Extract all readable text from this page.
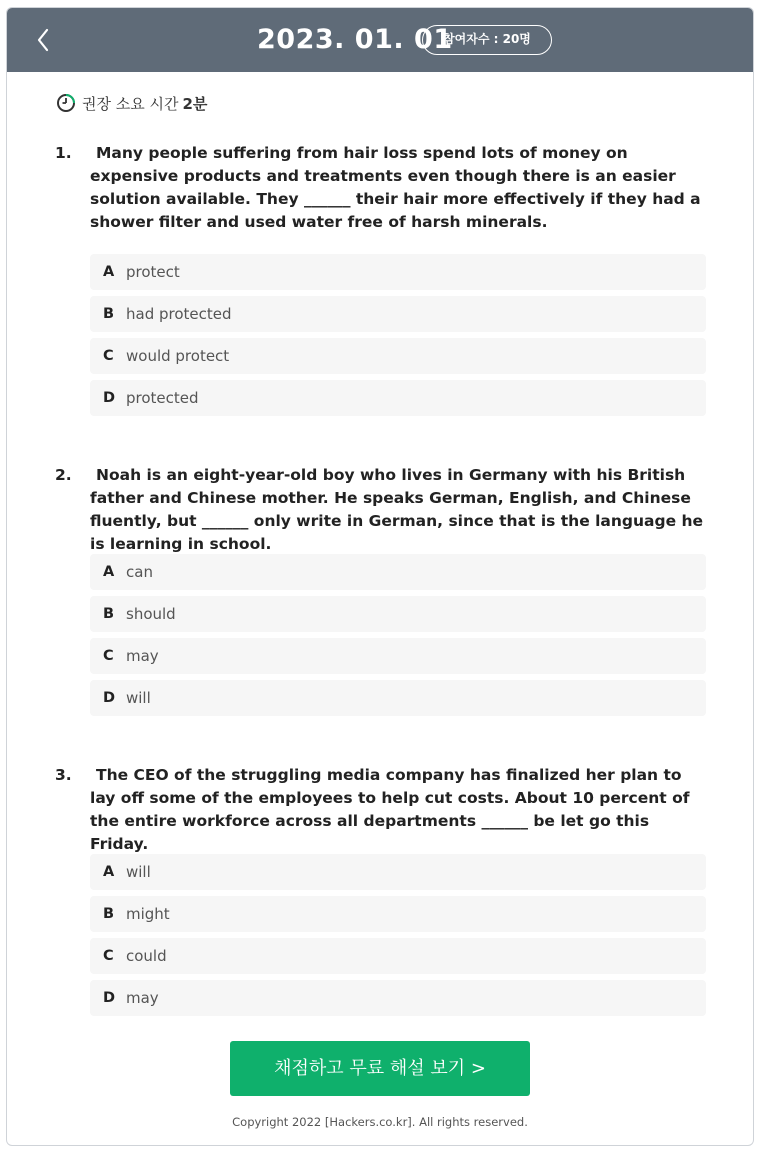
2023. 01. 01
참여자수 : 20명
권장 소요 시간 2분
1.	Many people suffering from hair loss spend lots of money on expensive products and treatments even though there is an easier solution available. They ______ their hair more effectively if they had a shower filter and used water free of harsh minerals.
A protect
B had protected
C would protect
D protected
2.	Noah is an eight-year-old boy who lives in Germany with his British father and Chinese mother. He speaks German, English, and Chinese fluently, but ______ only write in German, since that is the language he is learning in school.
A can
B should
C may
D will
3.	The CEO of the struggling media company has finalized her plan to lay off some of the employees to help cut costs. About 10 percent of the entire workforce across all departments ______ be let go this Friday.
A will
B might
C could
D may
채점하고 무료 해설 보기 >
Copyright 2022 [Hackers.co.kr]. All rights reserved.
